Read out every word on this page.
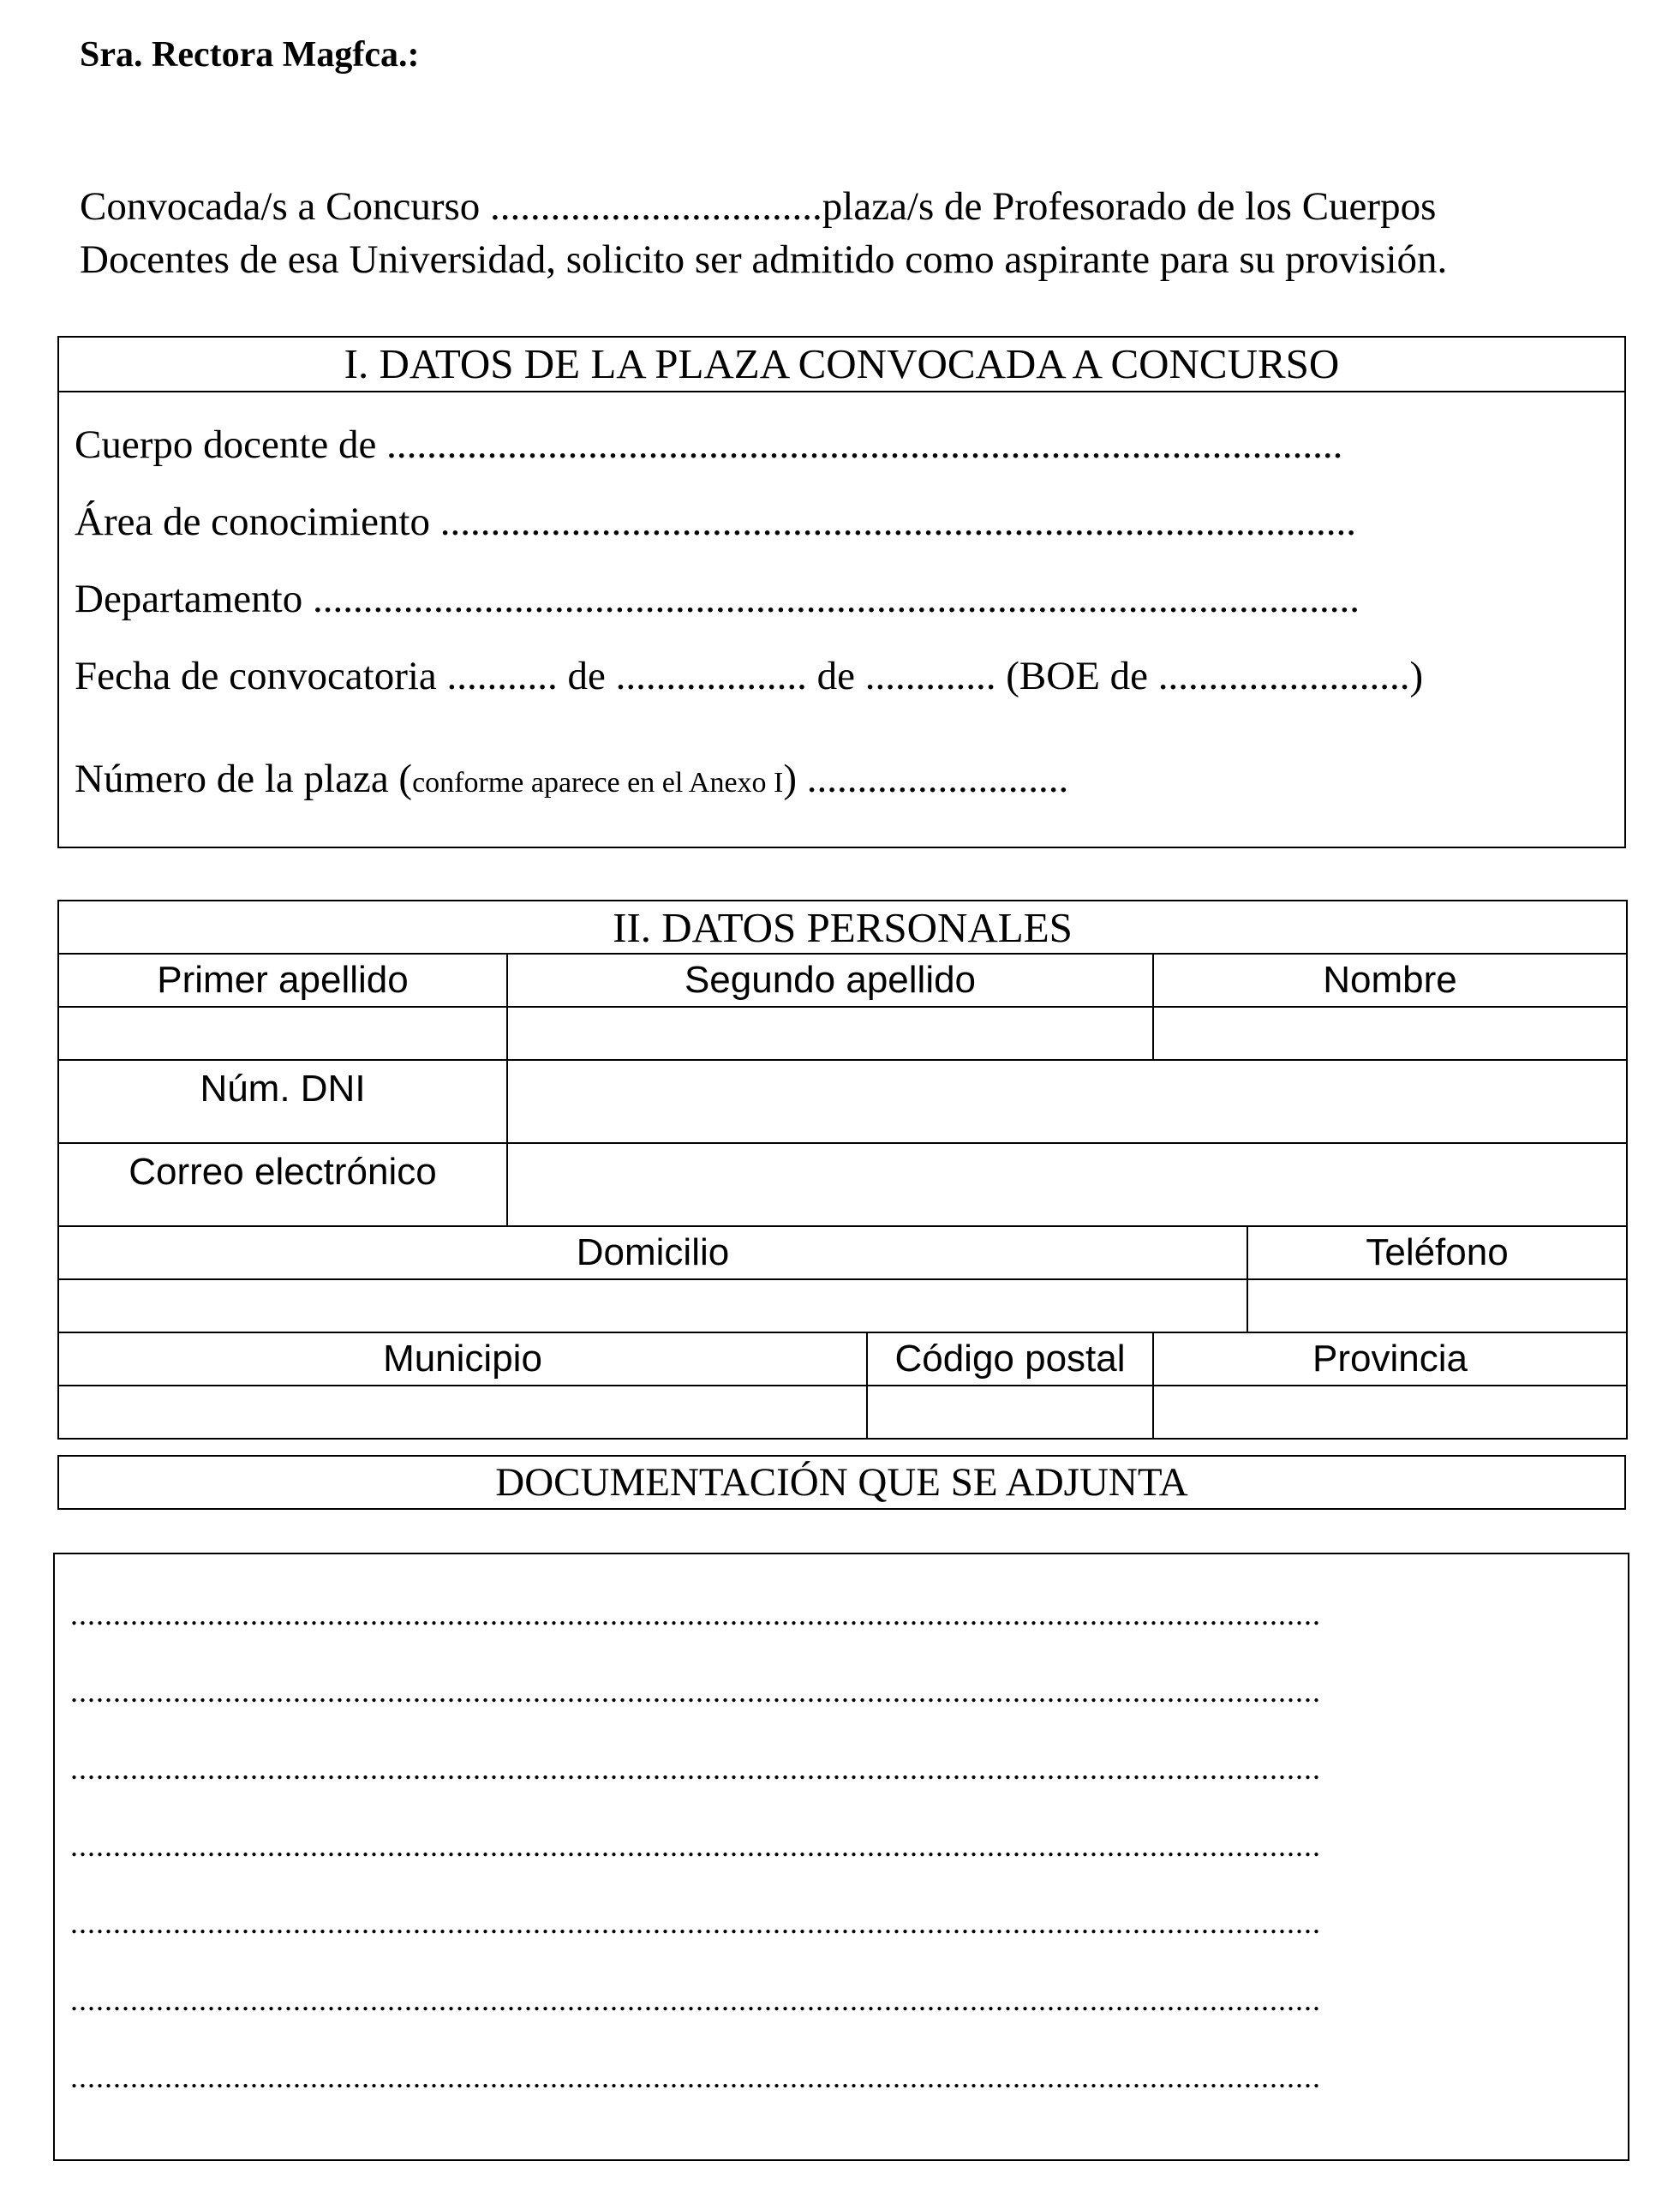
Sra. Rectora Magfca.:
Convocada/s a Concurso .................................plaza/s de Profesorado de los Cuerpos
Docentes de esa Universidad, solicito ser admitido como aspirante para su provisión.
I. DATOS DE LA PLAZA CONVOCADA A CONCURSO
Cuerpo docente de ...............................................................................................
Área de conocimiento ...........................................................................................
Departamento ........................................................................................................
Fecha de convocatoria ........... de ................... de ............. (BOE de .........................)
Número de la plaza (conforme aparece en el Anexo I) ..........................
II. DATOS PERSONALES				
Primer apellido	Segundo apellido		Nombre	

Núm. DNI				

Correo electrónico				

Domicilio				Teléfono

Municipio		Código postal	Provincia	

DOCUMENTACIÓN QUE SE ADJUNTA
..................................................................................................................................................
..................................................................................................................................................
..................................................................................................................................................
..................................................................................................................................................
..................................................................................................................................................
..................................................................................................................................................
..................................................................................................................................................
